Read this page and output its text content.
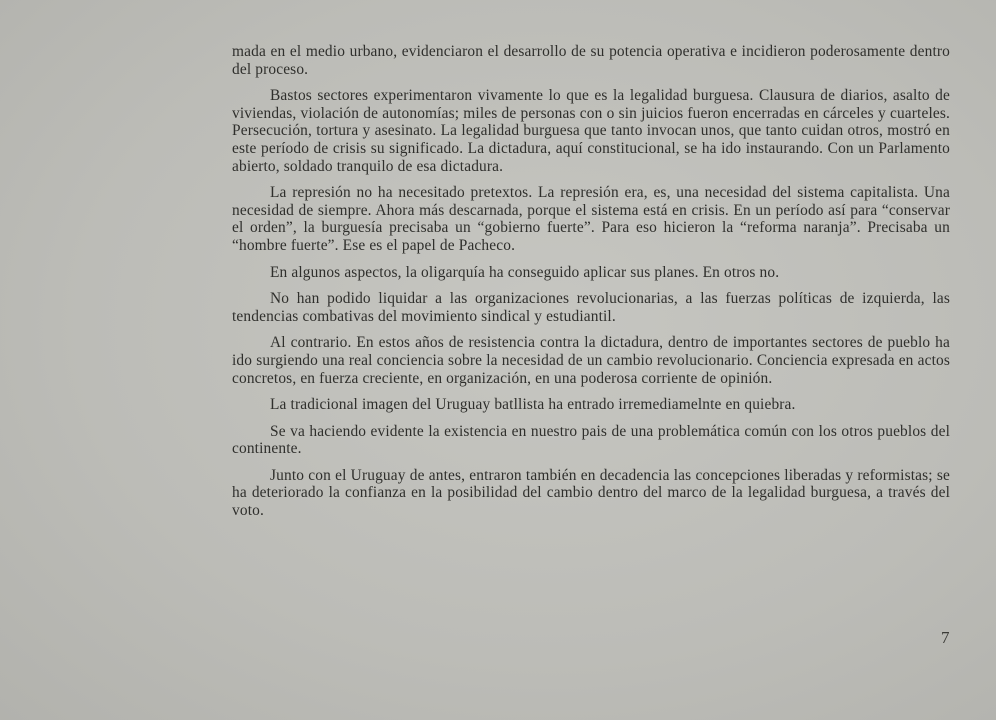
mada en el medio urbano, evidenciaron el desarrollo de su potencia operativa e incidieron poderosamente dentro del proceso.

Bastos sectores experimentaron vivamente lo que es la legalidad burguesa. Clausura de diarios, asalto de viviendas, violación de autonomías; miles de personas con o sin juicios fueron encerradas en cárceles y cuarteles. Persecución, tortura y asesinato. La legalidad burguesa que tanto invocan unos, que tanto cuidan otros, mostró en este período de crisis su significado. La dictadura, aquí constitucional, se ha ido instaurando. Con un Parlamento abierto, soldado tranquilo de esa dictadura.

La represión no ha necesitado pretextos. La represión era, es, una necesidad del sistema capitalista. Una necesidad de siempre. Ahora más descarnada, porque el sistema está en crisis. En un período así para “conservar el orden”, la burguesía precisaba un “gobierno fuerte”. Para eso hicieron la “reforma naranja”. Precisaba un “hombre fuerte”. Ese es el papel de Pacheco.

En algunos aspectos, la oligarquía ha conseguido aplicar sus planes. En otros no.

No han podido liquidar a las organizaciones revolucionarias, a las fuerzas políticas de izquierda, las tendencias combativas del movimiento sindical y estudiantil.

Al contrario. En estos años de resistencia contra la dictadura, dentro de importantes sectores de pueblo ha ido surgiendo una real conciencia sobre la necesidad de un cambio revolucionario. Conciencia expresada en actos concretos, en fuerza creciente, en organización, en una poderosa corriente de opinión.

La tradicional imagen del Uruguay batllista ha entrado irremediamelnte en quiebra.

Se va haciendo evidente la existencia en nuestro pais de una problemática común con los otros pueblos del continente.

Junto con el Uruguay de antes, entraron también en decadencia las concepciones liberadas y reformistas; se ha deteriorado la confianza en la posibilidad del cambio dentro del marco de la legalidad burguesa, a través del voto.

7
